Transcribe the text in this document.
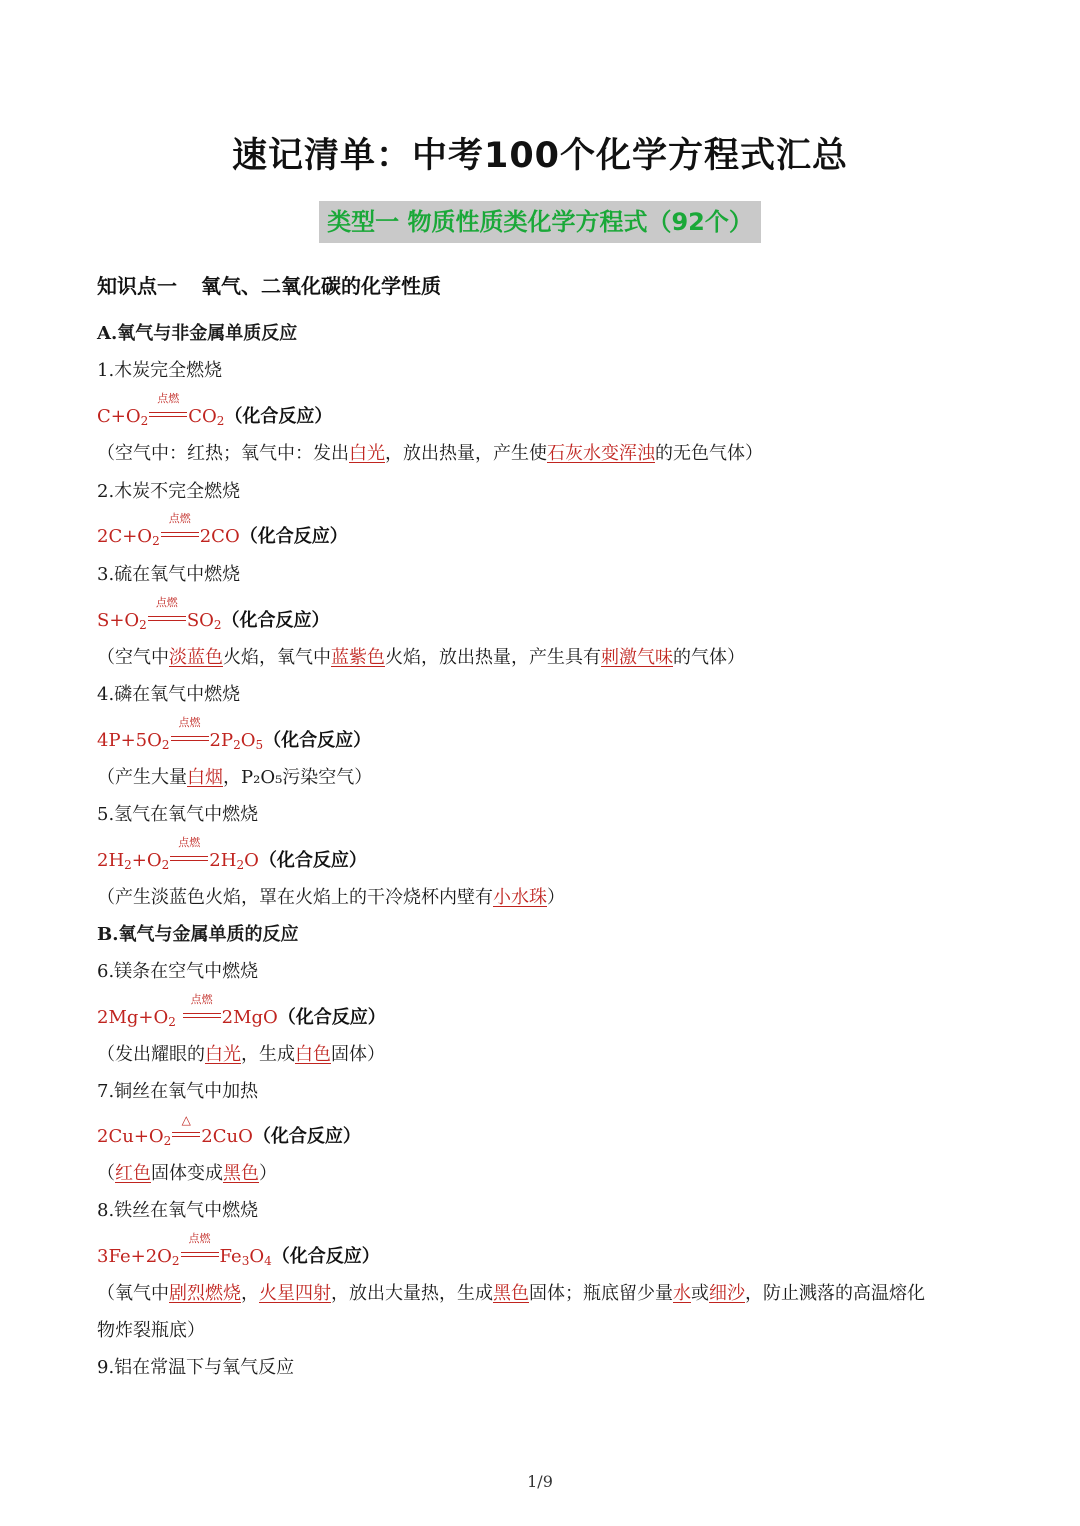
速记清单：中考100个化学方程式汇总
类型一 物质性质类化学方程式（92个）
知识点一 氧气、二氧化碳的化学性质
A.氧气与非金属单质反应
1.木炭完全燃烧
$C+O_2$
点燃
$CO_2$（化合反应）
（空气中：红热；氧气中：发出白光，放出热量，产生使石灰水变浑浊的无色气体）
2.木炭不完全燃烧
$2C+O_2$
点燃
2CO（化合反应）
3.硫在氧气中燃烧
$S+O_2$
点燃
$SO_2$（化合反应）
（空气中淡蓝色火焰，氧气中蓝紫色火焰，放出热量，产生具有刺激气味的气体）
4.磷在氧气中燃烧
$4P+5O_2$
点燃
$2P_2O_5$（化合反应）
（产生大量白烟，P₂O₅污染空气）
5.氢气在氧气中燃烧
$2H_2+O_2$
点燃
$2H_2O$（化合反应）
（产生淡蓝色火焰，罩在火焰上的干冷烧杯内壁有小水珠）
B.氧气与金属单质的反应
6.镁条在空气中燃烧
$2Mg+O_2$
点燃
2MgO（化合反应）
（发出耀眼的白光，生成白色固体）
7.铜丝在氧气中加热
$2Cu+O_2$
△
2CuO（化合反应）
（红色固体变成黑色）
8.铁丝在氧气中燃烧
$3Fe+2O_2$
点燃
$Fe_3O_4$（化合反应）
（氧气中剧烈燃烧，火星四射，放出大量热，生成黑色固体；瓶底留少量水或细沙，防止溅落的高温熔化
物炸裂瓶底）
9.铝在常温下与氧气反应
1/9
